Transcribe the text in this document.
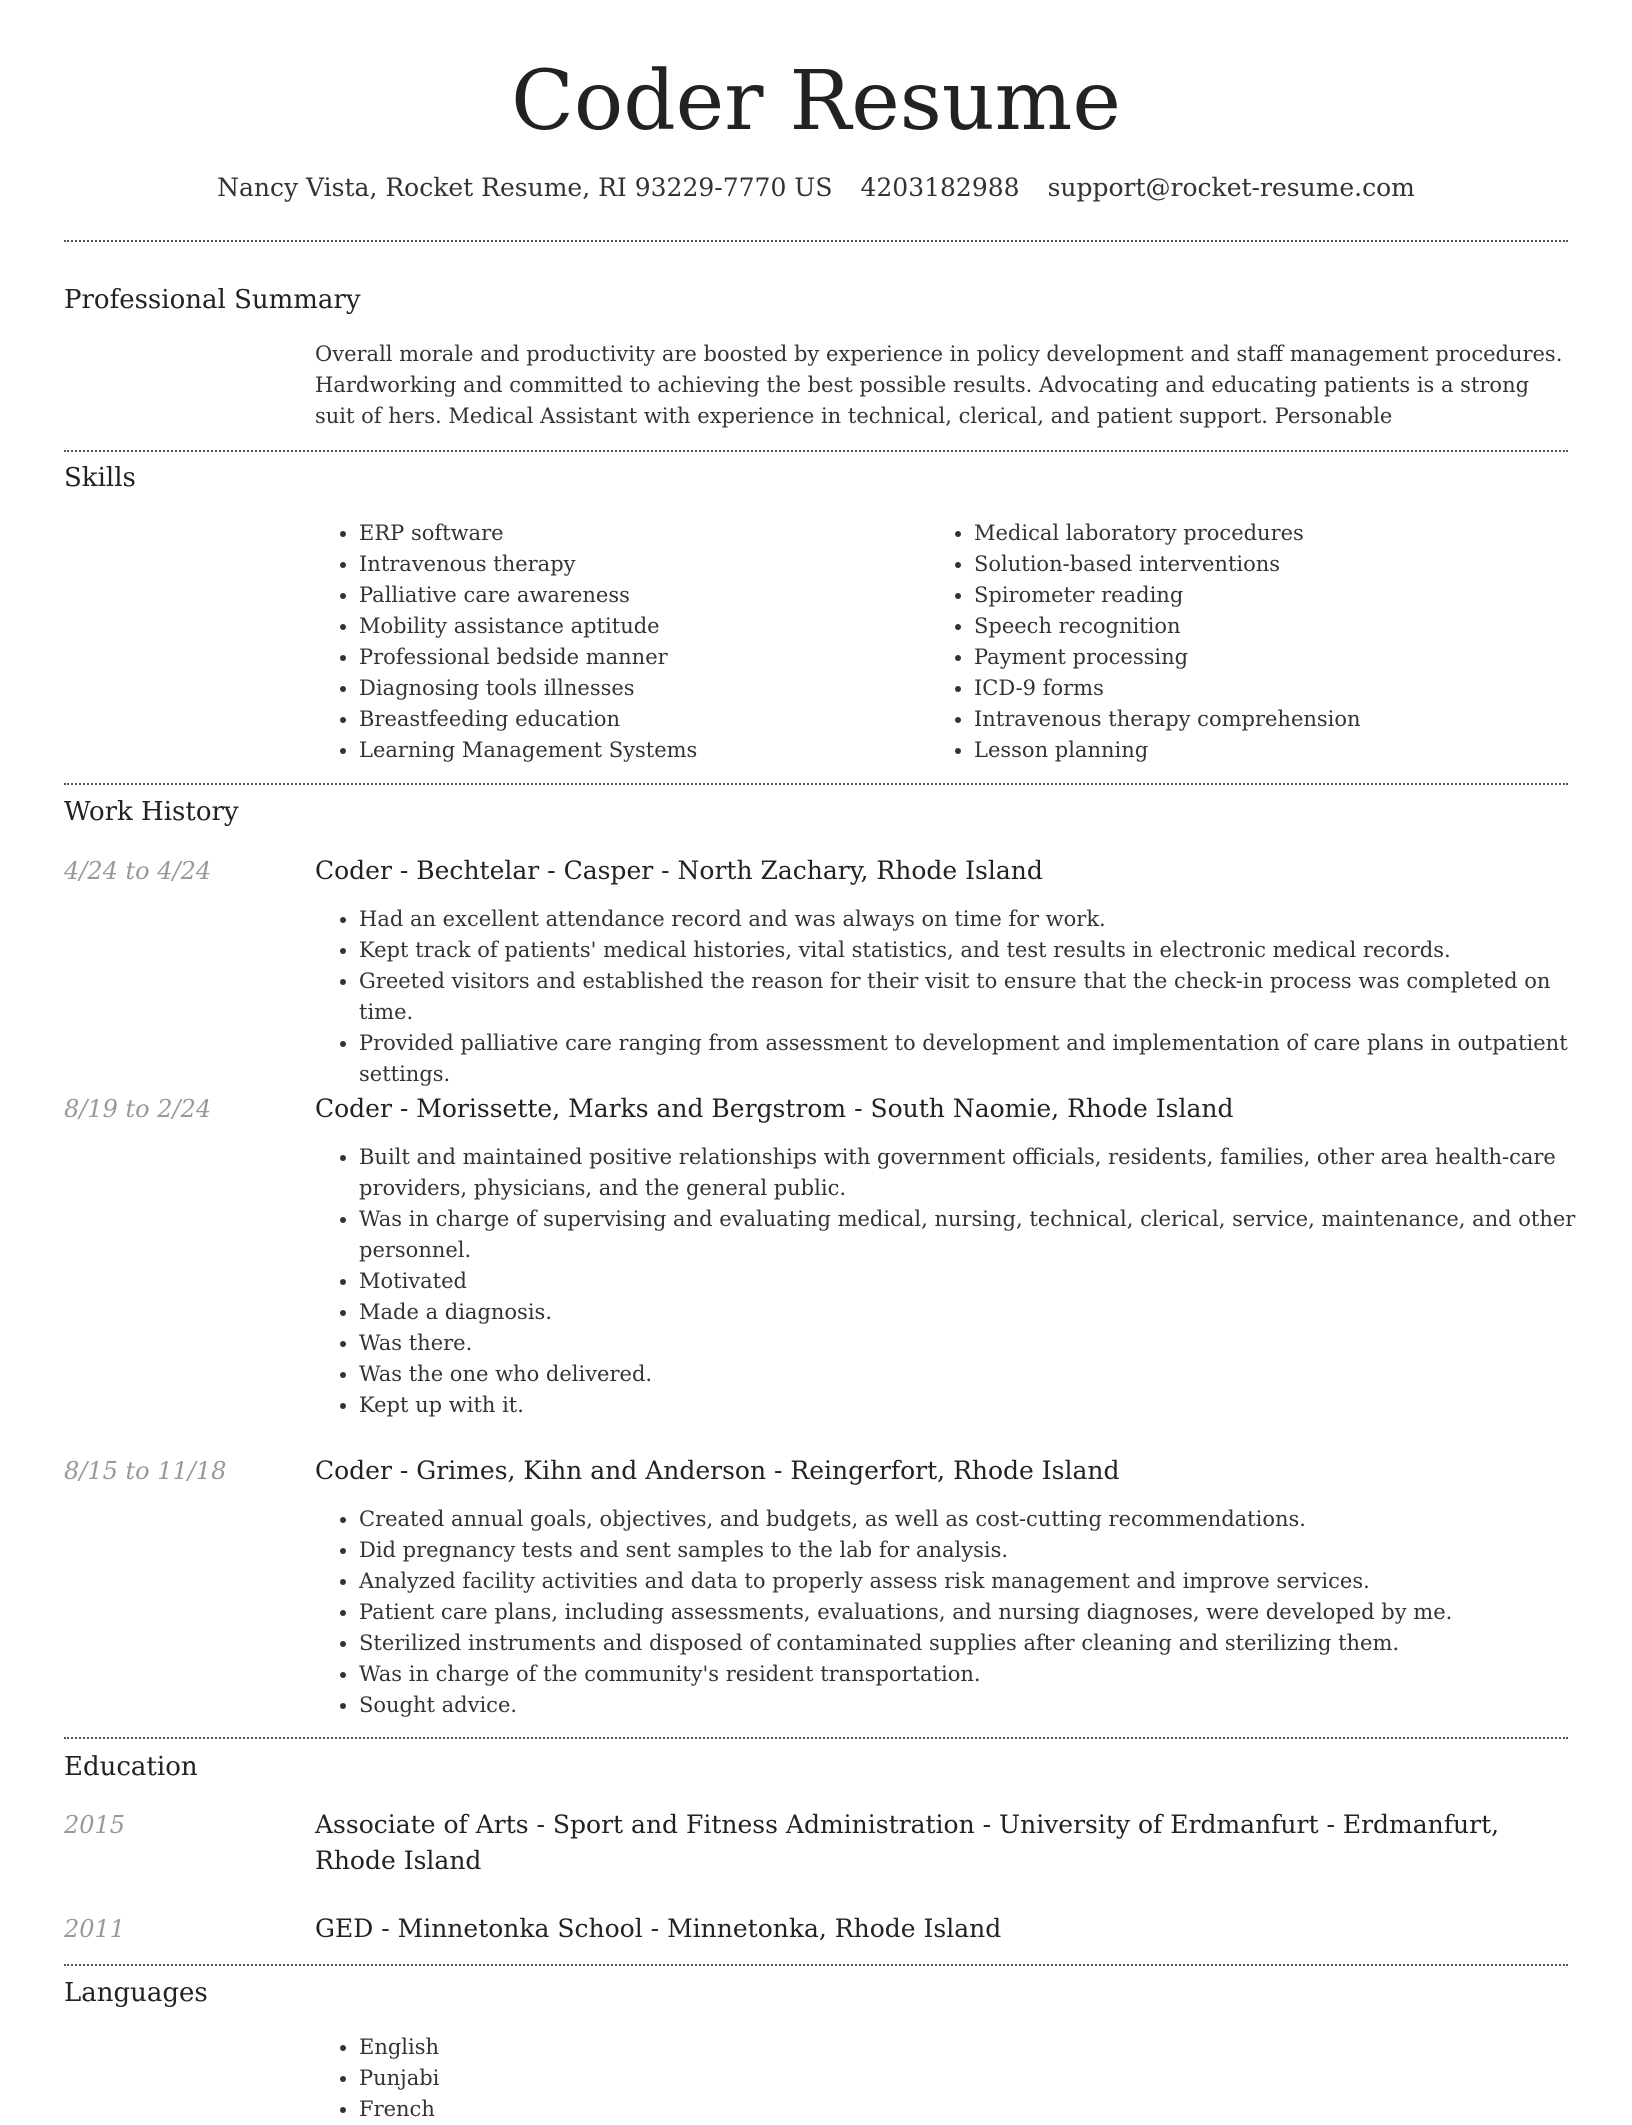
Coder Resume
Nancy Vista, Rocket Resume, RI 93229-7770 US 4203182988 support@rocket-resume.com
Professional Summary
Overall morale and productivity are boosted by experience in policy development and staff management procedures. Hardworking and committed to achieving the best possible results. Advocating and educating patients is a strong suit of hers. Medical Assistant with experience in technical, clerical, and patient support. Personable
Skills
• ERP software
• Intravenous therapy
• Palliative care awareness
• Mobility assistance aptitude
• Professional bedside manner
• Diagnosing tools illnesses
• Breastfeeding education
• Learning Management Systems
• Medical laboratory procedures
• Solution-based interventions
• Spirometer reading
• Speech recognition
• Payment processing
• ICD-9 forms
• Intravenous therapy comprehension
• Lesson planning
Work History
4/24 to 4/24	Coder - Bechtelar - Casper - North Zachary, Rhode Island
• Had an excellent attendance record and was always on time for work.
• Kept track of patients' medical histories, vital statistics, and test results in electronic medical records.
• Greeted visitors and established the reason for their visit to ensure that the check-in process was completed on time.
• Provided palliative care ranging from assessment to development and implementation of care plans in outpatient settings.
8/19 to 2/24	Coder - Morissette, Marks and Bergstrom - South Naomie, Rhode Island
• Built and maintained positive relationships with government officials, residents, families, other area health-care providers, physicians, and the general public.
• Was in charge of supervising and evaluating medical, nursing, technical, clerical, service, maintenance, and other personnel.
• Motivated
• Made a diagnosis.
• Was there.
• Was the one who delivered.
• Kept up with it.
8/15 to 11/18	Coder - Grimes, Kihn and Anderson - Reingerfort, Rhode Island
• Created annual goals, objectives, and budgets, as well as cost-cutting recommendations.
• Did pregnancy tests and sent samples to the lab for analysis.
• Analyzed facility activities and data to properly assess risk management and improve services.
• Patient care plans, including assessments, evaluations, and nursing diagnoses, were developed by me.
• Sterilized instruments and disposed of contaminated supplies after cleaning and sterilizing them.
• Was in charge of the community's resident transportation.
• Sought advice.
Education
2015	Associate of Arts - Sport and Fitness Administration - University of Erdmanfurt - Erdmanfurt, Rhode Island
2011	GED - Minnetonka School - Minnetonka, Rhode Island
Languages
• English
• Punjabi
• French
